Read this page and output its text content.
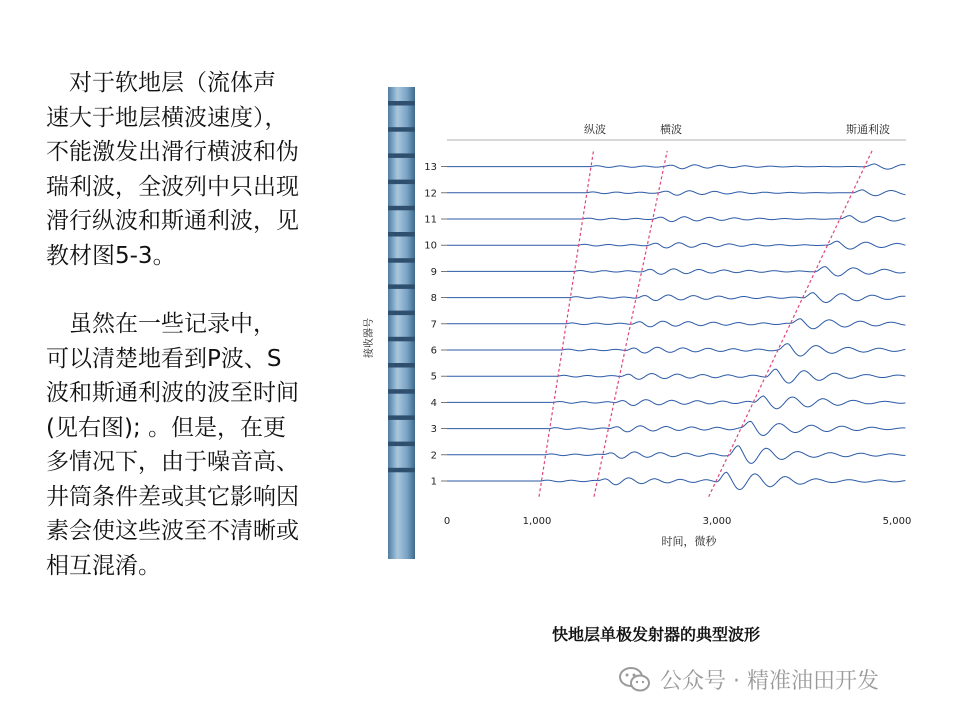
　对于软地层（流体声
速大于地层横波速度），
不能激发出滑行横波和伪
瑞利波，全波列中只出现
滑行纵波和斯通利波，见
教材图5-3。
　虽然在一些记录中，
可以清楚地看到P波、S
波和斯通利波的波至时间
(见右图); 。但是，在更
多情况下，由于噪音高、
井筒条件差或其它影响因
素会使这些波至不清晰或
相互混淆。
纵波	横波	斯通利波
接收器号
1
2
3
4
5
6
7
8
9
10
11
12
13
0	1,000	3,000	5,000
时间，微秒
快地层单极发射器的典型波形
公众号 · 精准油田开发
